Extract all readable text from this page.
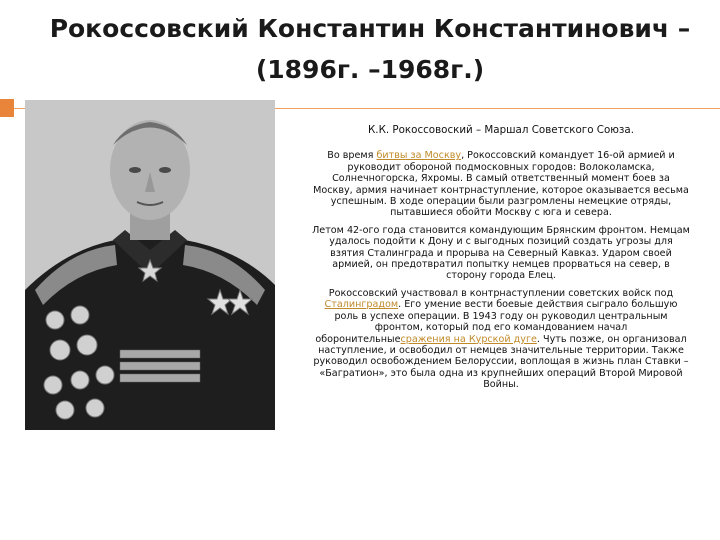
Рокоссовский Константин Константинович –
(1896г. –1968г.)

К.К. Рокоссовоский – Маршал Советского Союза.

Во время битвы за Москву, Рокоссовский командует 16-ой армией и руководит обороной подмосковных городов: Волоколамска, Солнечногорска, Яхромы. В самый ответственный момент боев за Москву, армия начинает контрнаступление, которое оказывается весьма успешным. В ходе операции были разгромлены немецкие отряды, пытавшиеся обойти Москву с юга и севера.

Летом 42-ого года становится командующим Брянским фронтом. Немцам удалось подойти к Дону и с выгодных позиций создать угрозы для взятия Сталинграда и прорыва на Северный Кавказ. Ударом своей армией, он предотвратил попытку немцев прорваться на север, в сторону города Елец.

Рокоссовский участвовал в контрнаступлении советских войск под Сталинградом. Его умение вести боевые действия сыграло большую роль в успехе операции. В 1943 году он руководил центральным фронтом, который под его командованием начал оборонительныесражения на Курской дуге. Чуть позже, он организовал наступление, и освободил от немцев значительные территории. Также руководил освобождением Белоруссии, воплощая в жизнь план Ставки – «Багратион», это была одна из крупнейших операций Второй Мировой Войны.
